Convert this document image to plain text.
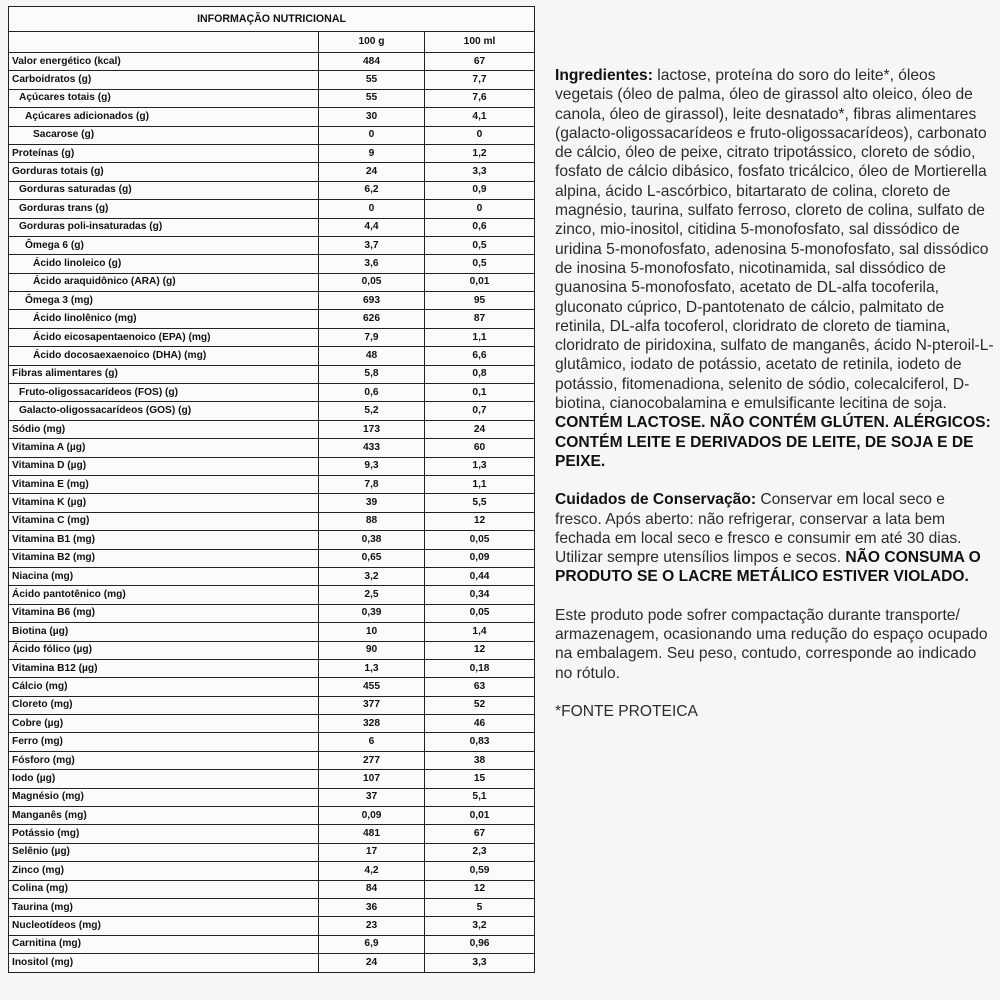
INFORMAÇÃO NUTRICIONAL		
	100 g	100 ml
Valor energético (kcal)	484	67
Carboidratos (g)	55	7,7
Açúcares totais (g)	55	7,6
Açúcares adicionados (g)	30	4,1
Sacarose (g)	0	0
Proteínas (g)	9	1,2
Gorduras totais (g)	24	3,3
Gorduras saturadas (g)	6,2	0,9
Gorduras trans (g)	0	0
Gorduras poli-insaturadas (g)	4,4	0,6
Ômega 6 (g)	3,7	0,5
Ácido linoleico (g)	3,6	0,5
Ácido araquidônico (ARA) (g)	0,05	0,01
Ômega 3 (mg)	693	95
Ácido linolênico (mg)	626	87
Ácido eicosapentaenoico (EPA) (mg)	7,9	1,1
Ácido docosaexaenoico (DHA) (mg)	48	6,6
Fibras alimentares (g)	5,8	0,8
Fruto-oligossacarídeos (FOS) (g)	0,6	0,1
Galacto-oligossacarídeos (GOS) (g)	5,2	0,7
Sódio (mg)	173	24
Vitamina A (µg)	433	60
Vitamina D (µg)	9,3	1,3
Vitamina E (mg)	7,8	1,1
Vitamina K (µg)	39	5,5
Vitamina C (mg)	88	12
Vitamina B1 (mg)	0,38	0,05
Vitamina B2 (mg)	0,65	0,09
Niacina (mg)	3,2	0,44
Ácido pantotênico (mg)	2,5	0,34
Vitamina B6 (mg)	0,39	0,05
Biotina (µg)	10	1,4
Ácido fólico (µg)	90	12
Vitamina B12 (µg)	1,3	0,18
Cálcio (mg)	455	63
Cloreto (mg)	377	52
Cobre (µg)	328	46
Ferro (mg)	6	0,83
Fósforo (mg)	277	38
Iodo (µg)	107	15
Magnésio (mg)	37	5,1
Manganês (mg)	0,09	0,01
Potássio (mg)	481	67
Selênio (µg)	17	2,3
Zinco (mg)	4,2	0,59
Colina (mg)	84	12
Taurina (mg)	36	5
Nucleotídeos (mg)	23	3,2
Carnitina (mg)	6,9	0,96
Inositol (mg)	24	3,3

Ingredientes: lactose, proteína do soro do leite*, óleos vegetais (óleo de palma, óleo de girassol alto oleico, óleo de canola, óleo de girassol), leite desnatado*, fibras alimentares (galacto-oligossacarídeos e fruto-oligossacarídeos), carbonato de cálcio, óleo de peixe, citrato tripotássico, cloreto de sódio, fosfato de cálcio dibásico, fosfato tricálcico, óleo de Mortierella alpina, ácido L-ascórbico, bitartarato de colina, cloreto de magnésio, taurina, sulfato ferroso, cloreto de colina, sulfato de zinco, mio-inositol, citidina 5-monofosfato, sal dissódico de uridina 5-monofosfato, adenosina 5-monofosfato, sal dissódico de inosina 5-monofosfato, nicotinamida, sal dissódico de guanosina 5-monofosfato, acetato de DL-alfa tocoferila, gluconato cúprico, D-pantotenato de cálcio, palmitato de retinila, DL-alfa tocoferol, cloridrato de cloreto de tiamina, cloridrato de piridoxina, sulfato de manganês, ácido N-pteroil-L-glutâmico, iodato de potássio, acetato de retinila, iodeto de potássio, fitomenadiona, selenito de sódio, colecalciferol, D-biotina, cianocobalamina e emulsificante lecitina de soja. CONTÉM LACTOSE. NÃO CONTÉM GLÚTEN. ALÉRGICOS: CONTÉM LEITE E DERIVADOS DE LEITE, DE SOJA E DE PEIXE.

Cuidados de Conservação: Conservar em local seco e fresco. Após aberto: não refrigerar, conservar a lata bem fechada em local seco e fresco e consumir em até 30 dias. Utilizar sempre utensílios limpos e secos. NÃO CONSUMA O PRODUTO SE O LACRE METÁLICO ESTIVER VIOLADO.

Este produto pode sofrer compactação durante transporte/ armazenagem, ocasionando uma redução do espaço ocupado na embalagem. Seu peso, contudo, corresponde ao indicado no rótulo.

*FONTE PROTEICA
